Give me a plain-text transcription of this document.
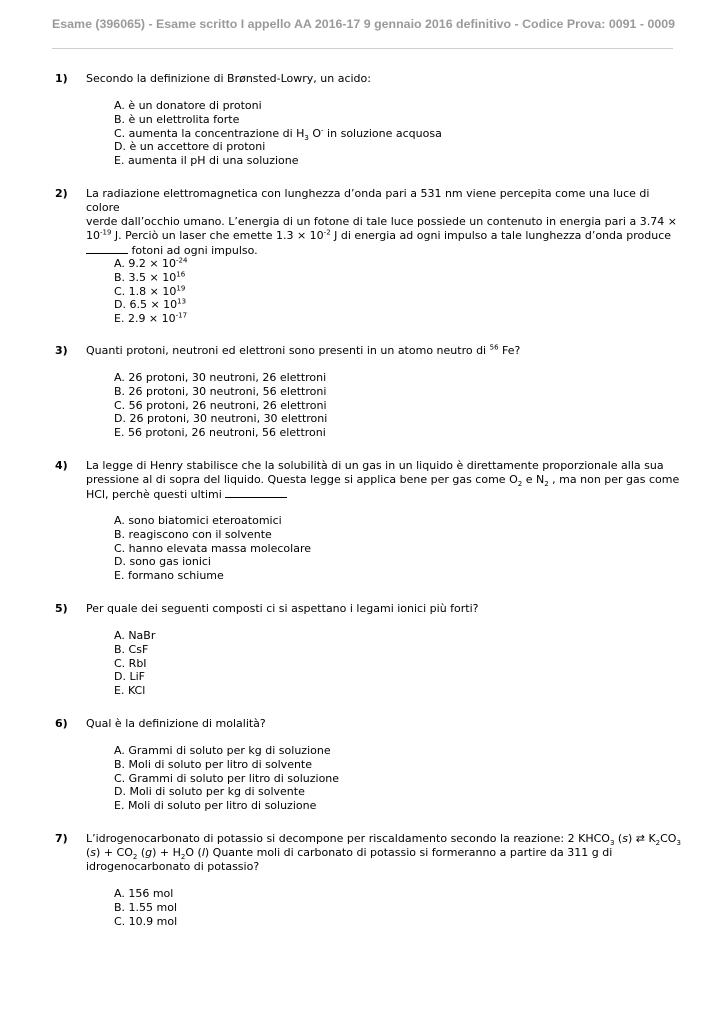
Esame (396065) - Esame scritto I appello AA 2016-17 9 gennaio 2016 definitivo - Codice Prova: 0091 - 0009
1) Secondo la definizione di Brønsted-Lowry, un acido:
A. è un donatore di protoni
B. è un elettrolita forte
C. aumenta la concentrazione di $H_3$ O- in soluzione acquosa
D. è un accettore di protoni
E. aumenta il pH di una soluzione
2) La radiazione elettromagnetica con lunghezza d’onda pari a 531 nm viene percepita come una luce di colore
verde dall’occhio umano. L’energia di un fotone di tale luce possiede un contenuto in energia pari a 3.74 ×
$10^{-19}$ J. Perciò un laser che emette $1.3 \times 10^{-2}$ J di energia ad ogni impulso a tale lunghezza d’onda produce
fotoni ad ogni impulso.
A. $9.2 \times 10^{-24}$
B. $3.5 \times 10^{16}$
C. $1.8 \times 10^{19}$
D. $6.5 \times 10^{13}$
E. $2.9 \times 10^{-17}$
3) Quanti protoni, neutroni ed elettroni sono presenti in un atomo neutro di $^{56}$ Fe?
A. 26 protoni, 30 neutroni, 26 elettroni
B. 26 protoni, 30 neutroni, 56 elettroni
C. 56 protoni, 26 neutroni, 26 elettroni
D. 26 protoni, 30 neutroni, 30 elettroni
E. 56 protoni, 26 neutroni, 56 elettroni
4) La legge di Henry stabilisce che la solubilità di un gas in un liquido è direttamente proporzionale alla sua
pressione al di sopra del liquido. Questa legge si applica bene per gas come $O_2$ e $N_2$ , ma non per gas come
HCl, perchè questi ultimi
A. sono biatomici eteroatomici
B. reagiscono con il solvente
C. hanno elevata massa molecolare
D. sono gas ionici
E. formano schiume
5) Per quale dei seguenti composti ci si aspettano i legami ionici più forti?
A. NaBr
B. CsF
C. RbI
D. LiF
E. KCl
6) Qual è la definizione di molalità?
A. Grammi di soluto per kg di soluzione
B. Moli di soluto per litro di solvente
C. Grammi di soluto per litro di soluzione
D. Moli di soluto per kg di solvente
E. Moli di soluto per litro di soluzione
7) L’idrogenocarbonato di potassio si decompone per riscaldamento secondo la reazione: 2 $KHCO_3$ (s) ⇄ $K_2CO_3$ $(s) + CO_2$ $(g) + H_2O$ (l) Quante moli di carbonato di potassio si formeranno a partire da 311 g di
idrogenocarbonato di potassio?
A. 156 mol
B. 1.55 mol
C. 10.9 mol
